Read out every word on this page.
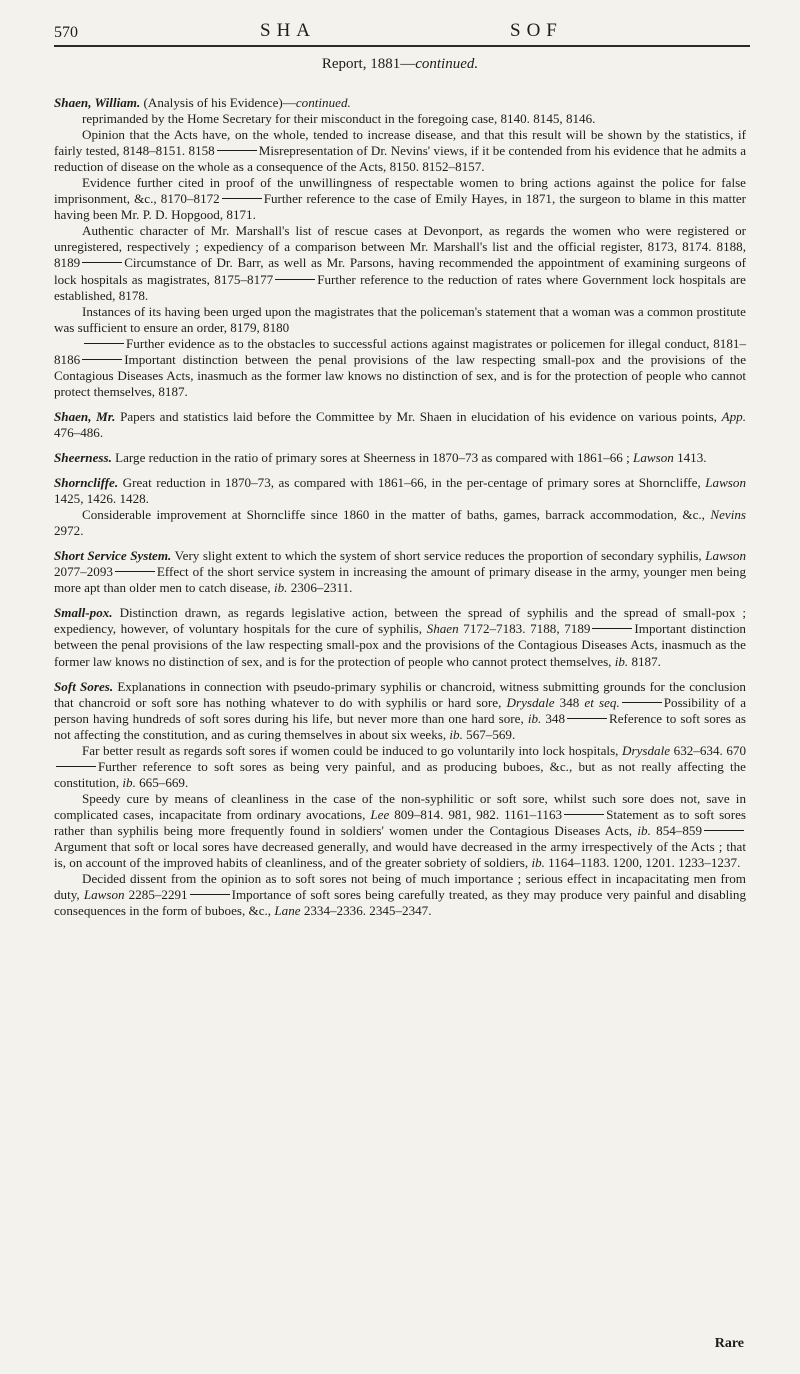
570	SHA	SOF
Report, 1881—continued.

Shaen, William. (Analysis of his Evidence)—continued.

reprimanded by the Home Secretary for their misconduct in the foregoing case, 8140. 8145, 8146.

Opinion that the Acts have, on the whole, tended to increase disease, and that this result will be shown by the statistics, if fairly tested, 8148–8151. 8158	Misrepresentation of Dr. Nevins' views, if it be contended from his evidence that he admits a reduction of disease on the whole as a consequence of the Acts, 8150. 8152–8157.

Evidence further cited in proof of the unwillingness of respectable women to bring actions against the police for false imprisonment, &c., 8170–8172	Further reference to the case of Emily Hayes, in 1871, the surgeon to blame in this matter having been Mr. P. D. Hopgood, 8171.

Authentic character of Mr. Marshall's list of rescue cases at Devonport, as regards the women who were registered or unregistered, respectively ; expediency of a comparison between Mr. Marshall's list and the official register, 8173, 8174. 8188, 8189	Circumstance of Dr. Barr, as well as Mr. Parsons, having recommended the appointment of examining surgeons of lock hospitals as magistrates, 8175–8177	Further reference to the reduction of rates where Government lock hospitals are established, 8178.

Instances of its having been urged upon the magistrates that the policeman's statement that a woman was a common prostitute was sufficient to ensure an order, 8179, 8180

Further evidence as to the obstacles to successful actions against magistrates or policemen for illegal conduct, 8181–8186	Important distinction between the penal provisions of the law respecting small-pox and the provisions of the Contagious Diseases Acts, inasmuch as the former law knows no distinction of sex, and is for the protection of people who cannot protect themselves, 8187.

Shaen, Mr. Papers and statistics laid before the Committee by Mr. Shaen in elucidation of his evidence on various points, App. 476–486.

Sheerness. Large reduction in the ratio of primary sores at Sheerness in 1870–73 as compared with 1861–66 ; Lawson 1413.

Shorncliffe. Great reduction in 1870–73, as compared with 1861–66, in the per-centage of primary sores at Shorncliffe, Lawson 1425, 1426. 1428.

Considerable improvement at Shorncliffe since 1860 in the matter of baths, games, barrack accommodation, &c., Nevins 2972.

Short Service System. Very slight extent to which the system of short service reduces the proportion of secondary syphilis, Lawson 2077–2093	Effect of the short service system in increasing the amount of primary disease in the army, younger men being more apt than older men to catch disease, ib. 2306–2311.

Small-pox. Distinction drawn, as regards legislative action, between the spread of syphilis and the spread of small-pox ; expediency, however, of voluntary hospitals for the cure of syphilis, Shaen 7172–7183. 7188, 7189	Important distinction between the penal provisions of the law respecting small-pox and the provisions of the Contagious Diseases Acts, inasmuch as the former law knows no distinction of sex, and is for the protection of people who cannot protect themselves, ib. 8187.

Soft Sores. Explanations in connection with pseudo-primary syphilis or chancroid, witness submitting grounds for the conclusion that chancroid or soft sore has nothing whatever to do with syphilis or hard sore, Drysdale 348 et seq.	Possibility of a person having hundreds of soft sores during his life, but never more than one hard sore, ib. 348	Reference to soft sores as not affecting the constitution, and as curing themselves in about six weeks, ib. 567–569.

Far better result as regards soft sores if women could be induced to go voluntarily into lock hospitals, Drysdale 632–634. 670Further reference to soft sores as being very painful, and as producing buboes, &c., but as not really affecting the constitution, ib. 665–669.

Speedy cure by means of cleanliness in the case of the non-syphilitic or soft sore, whilst such sore does not, save in complicated cases, incapacitate from ordinary avocations, Lee 809–814. 981, 982. 1161–1163	Statement as to soft sores rather than syphilis being more frequently found in soldiers' women under the Contagious Diseases Acts, ib. 854–859Argument that soft or local sores have decreased generally, and would have decreased in the army irrespectively of the Acts ; that is, on account of the improved habits of cleanliness, and of the greater sobriety of soldiers, ib. 1164–1183. 1200, 1201. 1233–1237.

Decided dissent from the opinion as to soft sores not being of much importance ; serious effect in incapacitating men from duty, Lawson 2285–2291	Importance of soft sores being carefully treated, as they may produce very painful and disabling consequences in the form of buboes, &c., Lane 2334–2336. 2345–2347.

Rare
